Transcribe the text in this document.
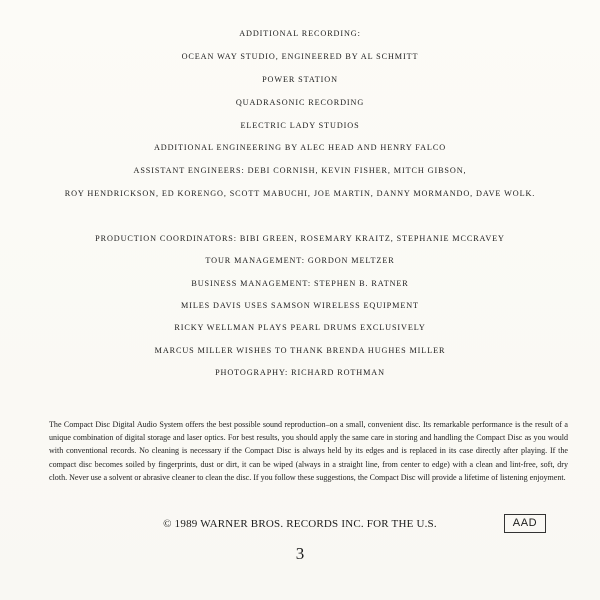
ADDITIONAL RECORDING:
OCEAN WAY STUDIO, ENGINEERED BY AL SCHMITT
POWER STATION
QUADRASONIC RECORDING
ELECTRIC LADY STUDIOS
ADDITIONAL ENGINEERING BY ALEC HEAD AND HENRY FALCO
ASSISTANT ENGINEERS: DEBI CORNISH, KEVIN FISHER, MITCH GIBSON,
ROY HENDRICKSON, ED KORENGO, SCOTT MABUCHI, JOE MARTIN, DANNY MORMANDO, DAVE WOLK.
PRODUCTION COORDINATORS: BIBI GREEN, ROSEMARY KRAITZ, STEPHANIE MCCRAVEY
TOUR MANAGEMENT: GORDON MELTZER
BUSINESS MANAGEMENT: STEPHEN B. RATNER
MILES DAVIS USES SAMSON WIRELESS EQUIPMENT
RICKY WELLMAN PLAYS PEARL DRUMS EXCLUSIVELY
MARCUS MILLER WISHES TO THANK BRENDA HUGHES MILLER
PHOTOGRAPHY: RICHARD ROTHMAN
The Compact Disc Digital Audio System offers the best possible sound reproduction–on a small, convenient disc. Its remarkable performance is the result of a unique combination of digital storage and laser optics. For best results, you should apply the same care in storing and handling the Compact Disc as you would with conventional records. No cleaning is necessary if the Compact Disc is always held by its edges and is replaced in its case directly after playing. If the compact disc becomes soiled by fingerprints, dust or dirt, it can be wiped (always in a straight line, from center to edge) with a clean and lint-free, soft, dry cloth. Never use a solvent or abrasive cleaner to clean the disc. If you follow these suggestions, the Compact Disc will provide a lifetime of listening enjoyment.
© 1989 WARNER BROS. RECORDS INC. FOR THE U.S.	AAD
3
